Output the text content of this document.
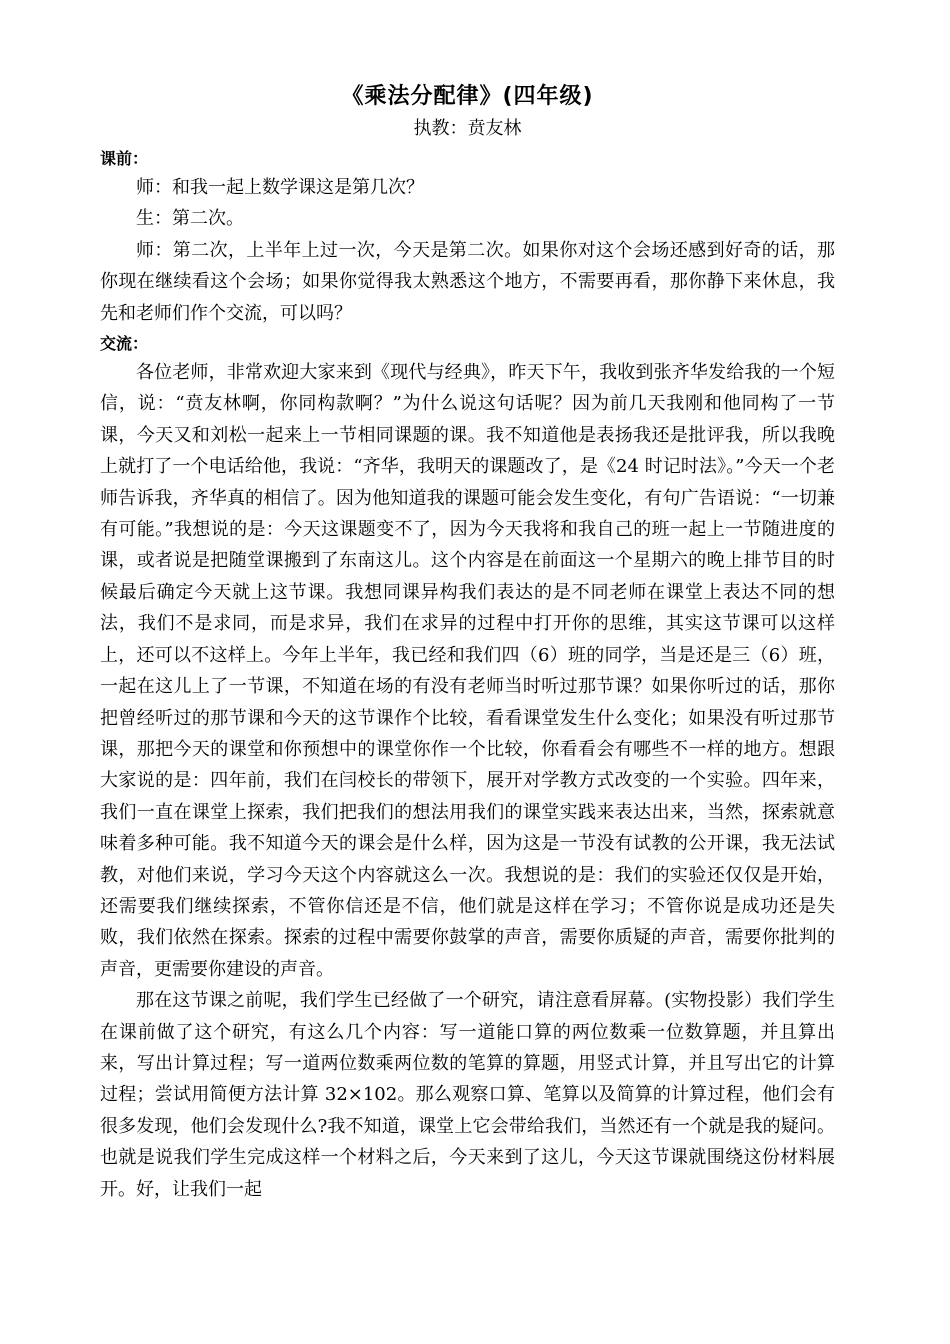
《乘法分配律》(四年级)
执教：贲友林
课前：

师：和我一起上数学课这是第几次？

生：第二次。

师：第二次，上半年上过一次，今天是第二次。如果你对这个会场还感到好奇的话，那你现在继续看这个会场；如果你觉得我太熟悉这个地方，不需要再看，那你静下来休息，我先和老师们作个交流，可以吗？

交流：

各位老师，非常欢迎大家来到《现代与经典》，昨天下午，我收到张齐华发给我的一个短信，说：“贲友林啊，你同构款啊？”为什么说这句话呢？因为前几天我刚和他同构了一节课，今天又和刘松一起来上一节相同课题的课。我不知道他是表扬我还是批评我，所以我晚上就打了一个电话给他，我说：“齐华，我明天的课题改了，是《24 时记时法》。”今天一个老师告诉我，齐华真的相信了。因为他知道我的课题可能会发生变化，有句广告语说：“一切兼有可能。”我想说的是：今天这课题变不了，因为今天我将和我自己的班一起上一节随进度的课，或者说是把随堂课搬到了东南这儿。这个内容是在前面这一个星期六的晚上排节目的时候最后确定今天就上这节课。我想同课异构我们表达的是不同老师在课堂上表达不同的想法，我们不是求同，而是求异，我们在求异的过程中打开你的思维，其实这节课可以这样上，还可以不这样上。今年上半年，我已经和我们四（6）班的同学，当是还是三（6）班，一起在这儿上了一节课，不知道在场的有没有老师当时听过那节课？如果你听过的话，那你把曾经听过的那节课和今天的这节课作个比较，看看课堂发生什么变化；如果没有听过那节课，那把今天的课堂和你预想中的课堂你作一个比较，你看看会有哪些不一样的地方。想跟大家说的是：四年前，我们在闫校长的带领下，展开对学教方式改变的一个实验。四年来，我们一直在课堂上探索，我们把我们的想法用我们的课堂实践来表达出来，当然，探索就意味着多种可能。我不知道今天的课会是什么样，因为这是一节没有试教的公开课，我无法试教，对他们来说，学习今天这个内容就这么一次。我想说的是：我们的实验还仅仅是开始，还需要我们继续探索，不管你信还是不信，他们就是这样在学习；不管你说是成功还是失败，我们依然在探索。探索的过程中需要你鼓掌的声音，需要你质疑的声音，需要你批判的声音，更需要你建设的声音。

那在这节课之前呢，我们学生已经做了一个研究，请注意看屏幕。(实物投影）我们学生在课前做了这个研究，有这么几个内容：写一道能口算的两位数乘一位数算题，并且算出来，写出计算过程；写一道两位数乘两位数的笔算的算题，用竖式计算，并且写出它的计算过程；尝试用简便方法计算 32×102。那么观察口算、笔算以及简算的计算过程，他们会有很多发现，他们会发现什么?我不知道，课堂上它会带给我们，当然还有一个就是我的疑问。也就是说我们学生完成这样一个材料之后，今天来到了这儿，今天这节课就围绕这份材料展开。好，让我们一起
